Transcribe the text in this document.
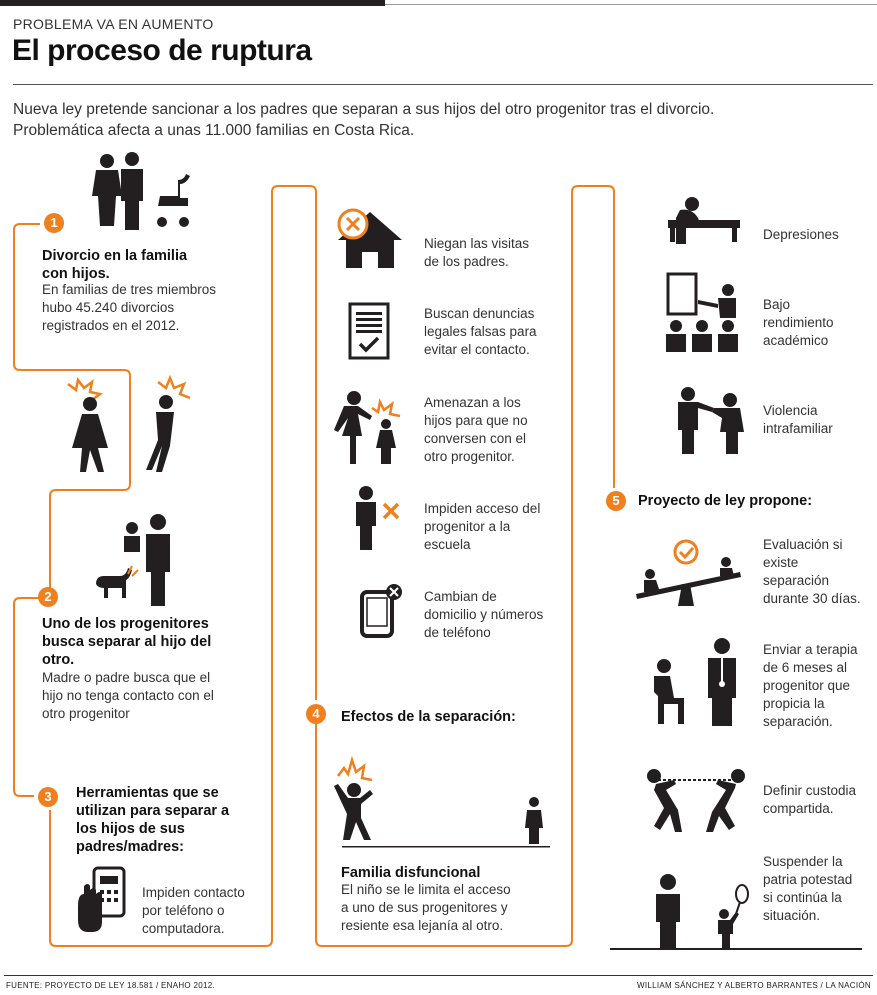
PROBLEMA VA EN AUMENTO
El proceso de ruptura
Nueva ley pretende sancionar a los padres que separan a sus hijos del otro progenitor tras el divorcio.
Problemática afecta a unas 11.000 familias en Costa Rica.
1
2
3
4
5
Divorcio en la familia
con hijos.
En familias de tres miembros
hubo 45.240 divorcios
registrados en el 2012.
Uno de los progenitores
busca separar al hijo del
otro.
Madre o padre busca que el
hijo no tenga contacto con el
otro progenitor
Herramientas que se
utilizan para separar a
los hijos de sus
padres/madres:
Impiden contacto
por teléfono o
computadora.
Niegan las visitas
de los padres.
Buscan denuncias
legales falsas para
evitar el contacto.
Amenazan a los
hijos para que no
conversen con el
otro progenitor.
Impiden acceso del
progenitor a la
escuela
Cambian de
domicilio y números
de teléfono
Efectos de la separación:
Familia disfuncional
El niño se le limita el acceso
a uno de sus progenitores y
resiente esa lejanía al otro.
Depresiones
Bajo
rendimiento
académico
Violencia
intrafamiliar
Proyecto de ley propone:
Evaluación si
existe
separación
durante 30 días.
Enviar a terapia
de 6 meses al
progenitor que
propicia la
separación.
Definir custodia
compartida.
Suspender la
patria potestad
si continúa la
situación.
FUENTE: PROYECTO DE LEY 18.581 / ENAHO 2012.	WILLIAM SÁNCHEZ Y ALBERTO BARRANTES / LA NACIÓN
